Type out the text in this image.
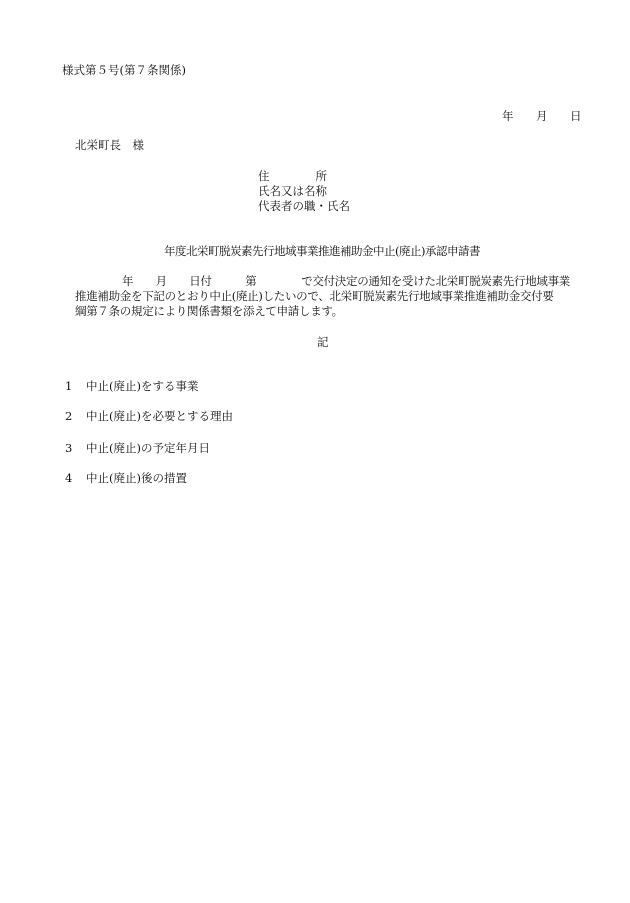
様式第５号(第７条関係)
年 月 日
北栄町長　様
住　　　　所
氏名又は名称
代表者の職・氏名
年度北栄町脱炭素先行地域事業推進補助金中止(廃止)承認申請書
年　　月　　日付　　　第　　　　で交付決定の通知を受けた北栄町脱炭素先行地域事業
推進補助金を下記のとおり中止(廃止)したいので、北栄町脱炭素先行地域事業推進補助金交付要
綱第７条の規定により関係書類を添えて申請します。
記
1 中止(廃止)をする事業
2 中止(廃止)を必要とする理由
3 中止(廃止)の予定年月日
4 中止(廃止)後の措置
